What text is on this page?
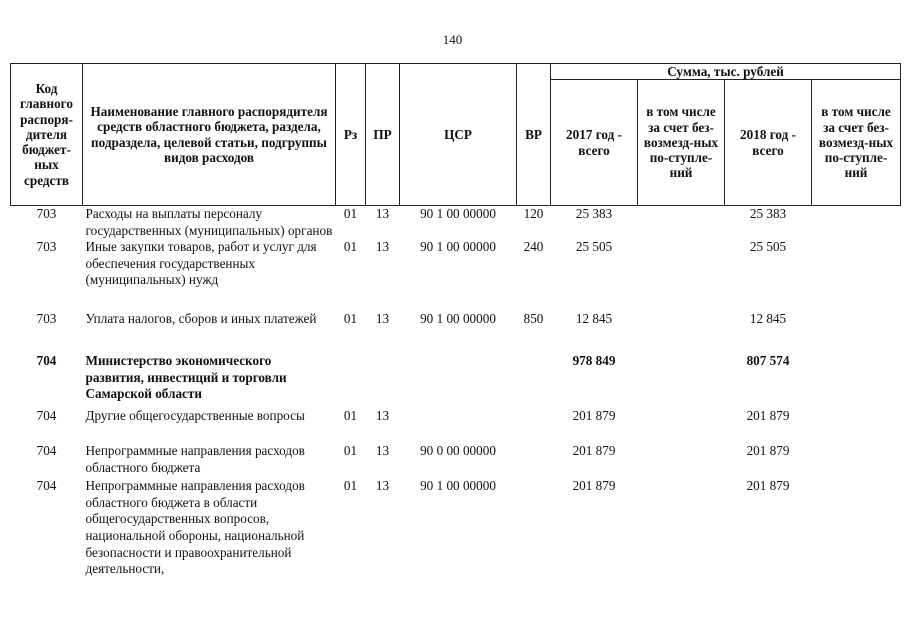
140
Код главного распоря-дителя бюджет-ных средств	Наименование главного распорядителя средств областного бюджета, раздела, подраздела, целевой статьи, подгруппы видов расходов	Рз	ПР	ЦСР	ВР	Сумма, тыс. рублей			
						2017 год - всего	в том числе за счет без-возмезд-ных по-ступле-ний	2018 год - всего	в том числе за счет без-возмезд-ных по-ступле-ний
703	Расходы на выплаты персоналу государственных (муниципальных) органов	01	13	90 1 00 00000	120	25 383		25 383	
703	Иные закупки товаров, работ и услуг для обеспечения государственных (муниципальных) нужд	01	13	90 1 00 00000	240	25 505		25 505	
703	Уплата налогов, сборов и иных платежей	01	13	90 1 00 00000	850	12 845		12 845	
704	Министерство экономического развития, инвестиций и торговли Самарской области					978 849		807 574	
704	Другие общегосударственные вопросы	01	13			201 879		201 879	
704	Непрограммные направления расходов областного бюджета	01	13	90 0 00 00000		201 879		201 879	
704	Непрограммные направления расходов областного бюджета в области общегосударственных вопросов, национальной обороны, национальной безопасности и правоохранительной деятельности,	01	13	90 1 00 00000		201 879		201 879	
